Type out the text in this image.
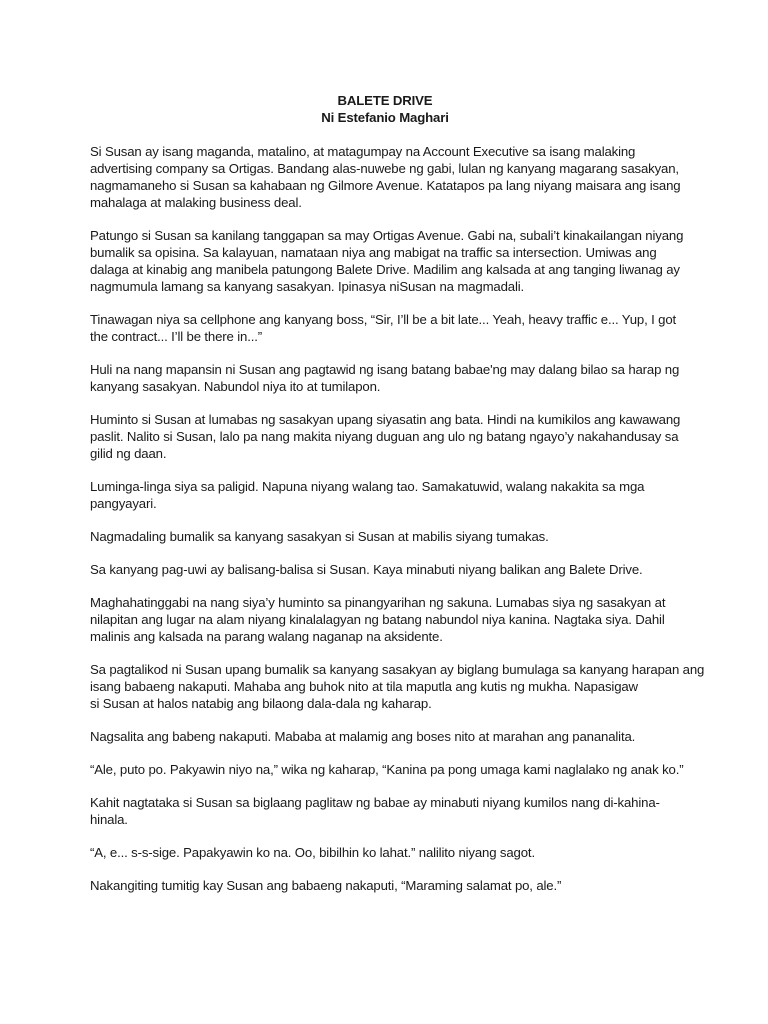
BALETE DRIVE
Ni Estefanio Maghari

Si Susan ay isang maganda, matalino, at matagumpay na Account Executive sa isang malaking
advertising company sa Ortigas. Bandang alas-nuwebe ng gabi, lulan ng kanyang magarang sasakyan,
nagmamaneho si Susan sa kahabaan ng Gilmore Avenue. Katatapos pa lang niyang maisara ang isang
mahalaga at malaking business deal.

Patungo si Susan sa kanilang tanggapan sa may Ortigas Avenue. Gabi na, subali’t kinakailangan niyang
bumalik sa opisina. Sa kalayuan, namataan niya ang mabigat na traffic sa intersection. Umiwas ang
dalaga at kinabig ang manibela patungong Balete Drive. Madilim ang kalsada at ang tanging liwanag ay
nagmumula lamang sa kanyang sasakyan. Ipinasya niSusan na magmadali.

Tinawagan niya sa cellphone ang kanyang boss, “Sir, I’ll be a bit late... Yeah, heavy traffic e... Yup, I got
the contract... I’ll be there in...”

Huli na nang mapansin ni Susan ang pagtawid ng isang batang babae'ng may dalang bilao sa harap ng
kanyang sasakyan. Nabundol niya ito at tumilapon.

Huminto si Susan at lumabas ng sasakyan upang siyasatin ang bata. Hindi na kumikilos ang kawawang
paslit. Nalito si Susan, lalo pa nang makita niyang duguan ang ulo ng batang ngayo’y nakahandusay sa
gilid ng daan.

Luminga-linga siya sa paligid. Napuna niyang walang tao. Samakatuwid, walang nakakita sa mga
pangyayari.

Nagmadaling bumalik sa kanyang sasakyan si Susan at mabilis siyang tumakas.

Sa kanyang pag-uwi ay balisang-balisa si Susan. Kaya minabuti niyang balikan ang Balete Drive.

Maghahatinggabi na nang siya’y huminto sa pinangyarihan ng sakuna. Lumabas siya ng sasakyan at
nilapitan ang lugar na alam niyang kinalalagyan ng batang nabundol niya kanina. Nagtaka siya. Dahil
malinis ang kalsada na parang walang naganap na aksidente.

Sa pagtalikod ni Susan upang bumalik sa kanyang sasakyan ay biglang bumulaga sa kanyang harapan ang
isang babaeng nakaputi. Mahaba ang buhok nito at tila maputla ang kutis ng mukha. Napasigaw
si Susan at halos natabig ang bilaong dala-dala ng kaharap.

Nagsalita ang babeng nakaputi. Mababa at malamig ang boses nito at marahan ang pananalita.

“Ale, puto po. Pakyawin niyo na,” wika ng kaharap, “Kanina pa pong umaga kami naglalako ng anak ko.”

Kahit nagtataka si Susan sa biglaang paglitaw ng babae ay minabuti niyang kumilos nang di-kahina-
hinala.

“A, e... s-s-sige. Papakyawin ko na. Oo, bibilhin ko lahat.” nalilito niyang sagot.

Nakangiting tumitig kay Susan ang babaeng nakaputi, “Maraming salamat po, ale.”
